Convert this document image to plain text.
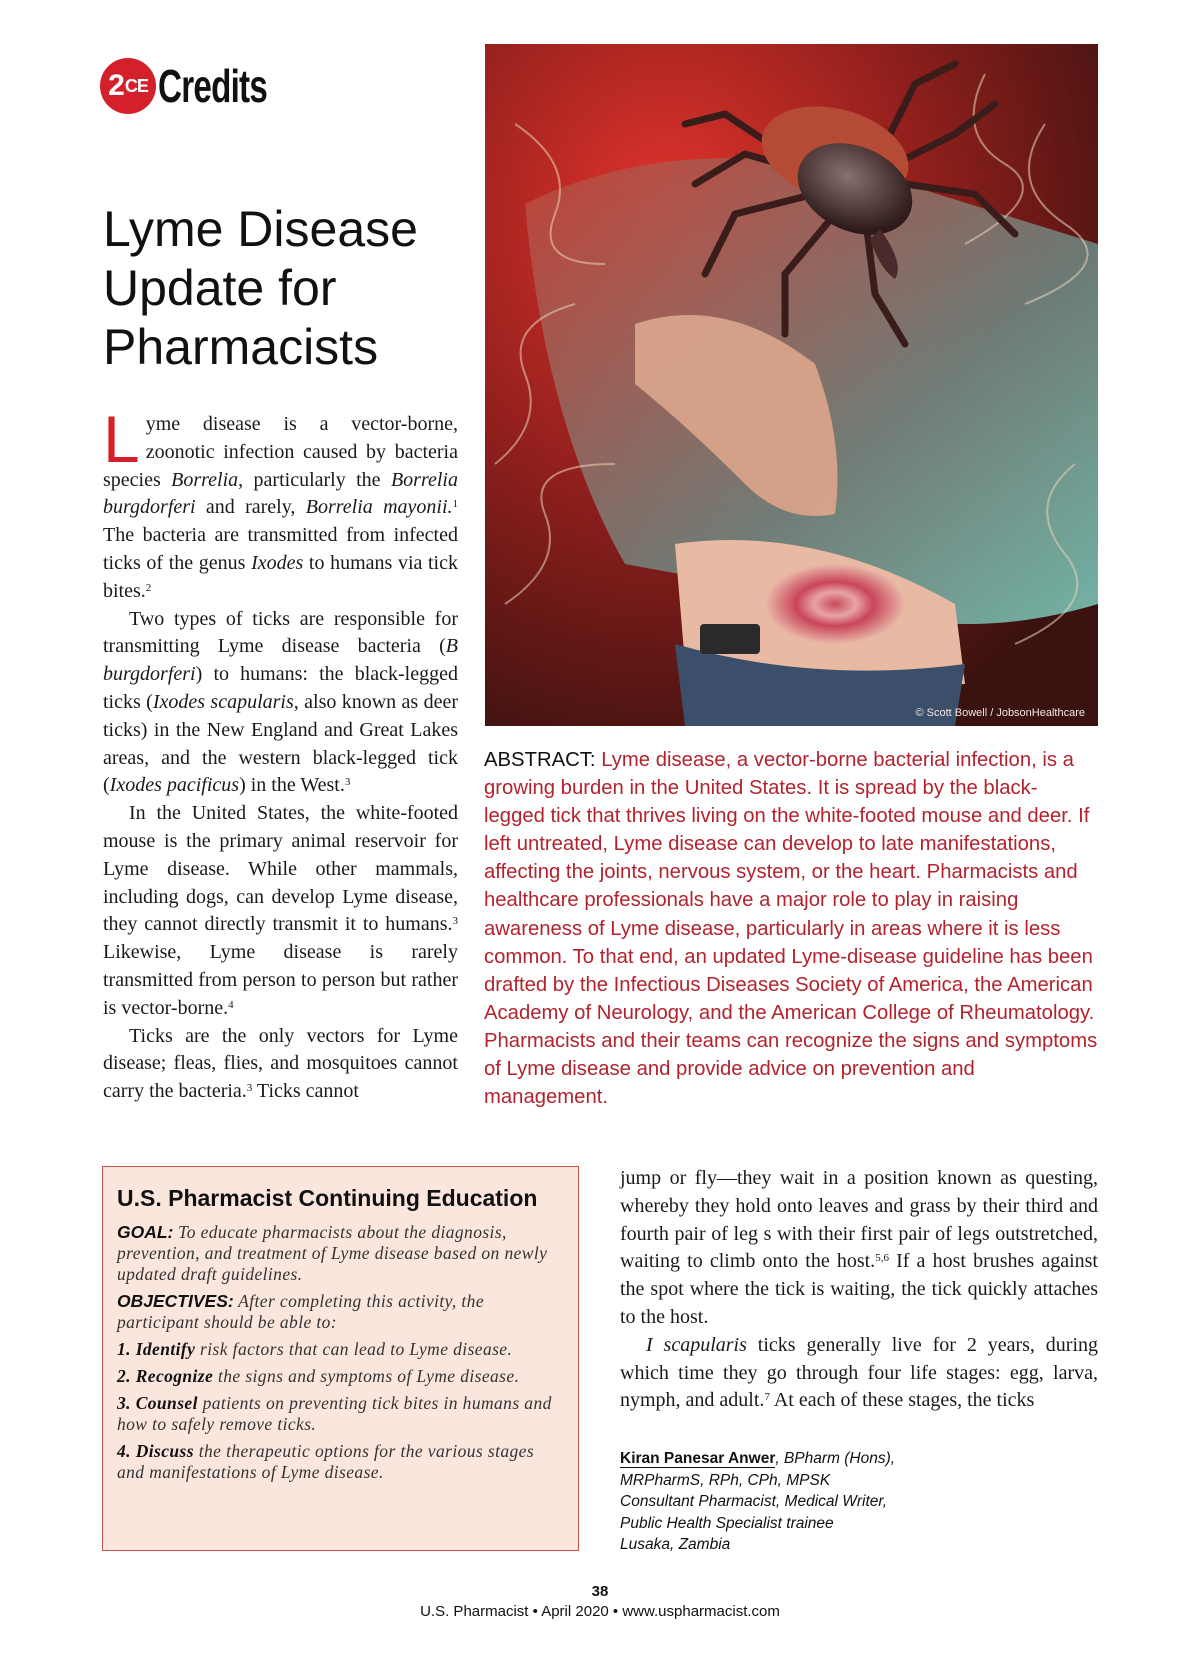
2 CE Credits
Lyme Disease
Update for
Pharmacists

Lyme disease is a vector-borne, zoonotic infection caused by bacteria species Borrelia, particularly the Borrelia burgdorferi and rarely, Borrelia mayonii.$^1$ The bacteria are transmitted from infected ticks of the genus Ixodes to humans via tick bites.$^2$

Two types of ticks are responsible for transmitting Lyme disease bacteria (B burgdorferi) to humans: the black-legged ticks (Ixodes scapularis, also known as deer ticks) in the New England and Great Lakes areas, and the western black-legged tick (Ixodes pacificus) in the West.$^3$

In the United States, the white-footed mouse is the primary animal reservoir for Lyme disease. While other mammals, including dogs, can develop Lyme disease, they cannot directly transmit it to humans.$^3$ Likewise, Lyme disease is rarely transmitted from person to person but rather is vector-borne.$^4$

Ticks are the only vectors for Lyme disease; fleas, flies, and mosquitoes cannot carry the bacteria.$^3$ Ticks cannot

© Scott Bowell / JobsonHealthcare

ABSTRACT: Lyme disease, a vector-borne bacterial infection, is a growing burden in the United States. It is spread by the black-legged tick that thrives living on the white-footed mouse and deer. If left untreated, Lyme disease can develop to late manifestations, affecting the joints, nervous system, or the heart. Pharmacists and healthcare professionals have a major role to play in raising awareness of Lyme disease, particularly in areas where it is less common. To that end, an updated Lyme-disease guideline has been drafted by the Infectious Diseases Society of America, the American Academy of Neurology, and the American College of Rheumatology. Pharmacists and their teams can recognize the signs and symptoms of Lyme disease and provide advice on prevention and management.

U.S. Pharmacist Continuing Education

GOAL: To educate pharmacists about the diagnosis, prevention, and treatment of Lyme disease based on newly updated draft guidelines.

OBJECTIVES: After completing this activity, the participant should be able to:

1. Identify risk factors that can lead to Lyme disease.

2. Recognize the signs and symptoms of Lyme disease.

3. Counsel patients on preventing tick bites in humans and how to safely remove ticks.

4. Discuss the therapeutic options for the various stages and manifestations of Lyme disease.

jump or fly—they wait in a position known as questing, whereby they hold onto leaves and grass by their third and fourth pair of leg s with their first pair of legs outstretched, waiting to climb onto the host.$^{5,6}$ If a host brushes against the spot where the tick is waiting, the tick quickly attaches to the host.

I scapularis ticks generally live for 2 years, during which time they go through four life stages: egg, larva, nymph, and adult.$^7$ At each of these stages, the ticks

Kiran Panesar Anwer, BPharm (Hons),
MRPharmS, RPh, CPh, MPSK
Consultant Pharmacist, Medical Writer,
Public Health Specialist trainee
Lusaka, Zambia
38
U.S. Pharmacist • April 2020 • www.uspharmacist.com
